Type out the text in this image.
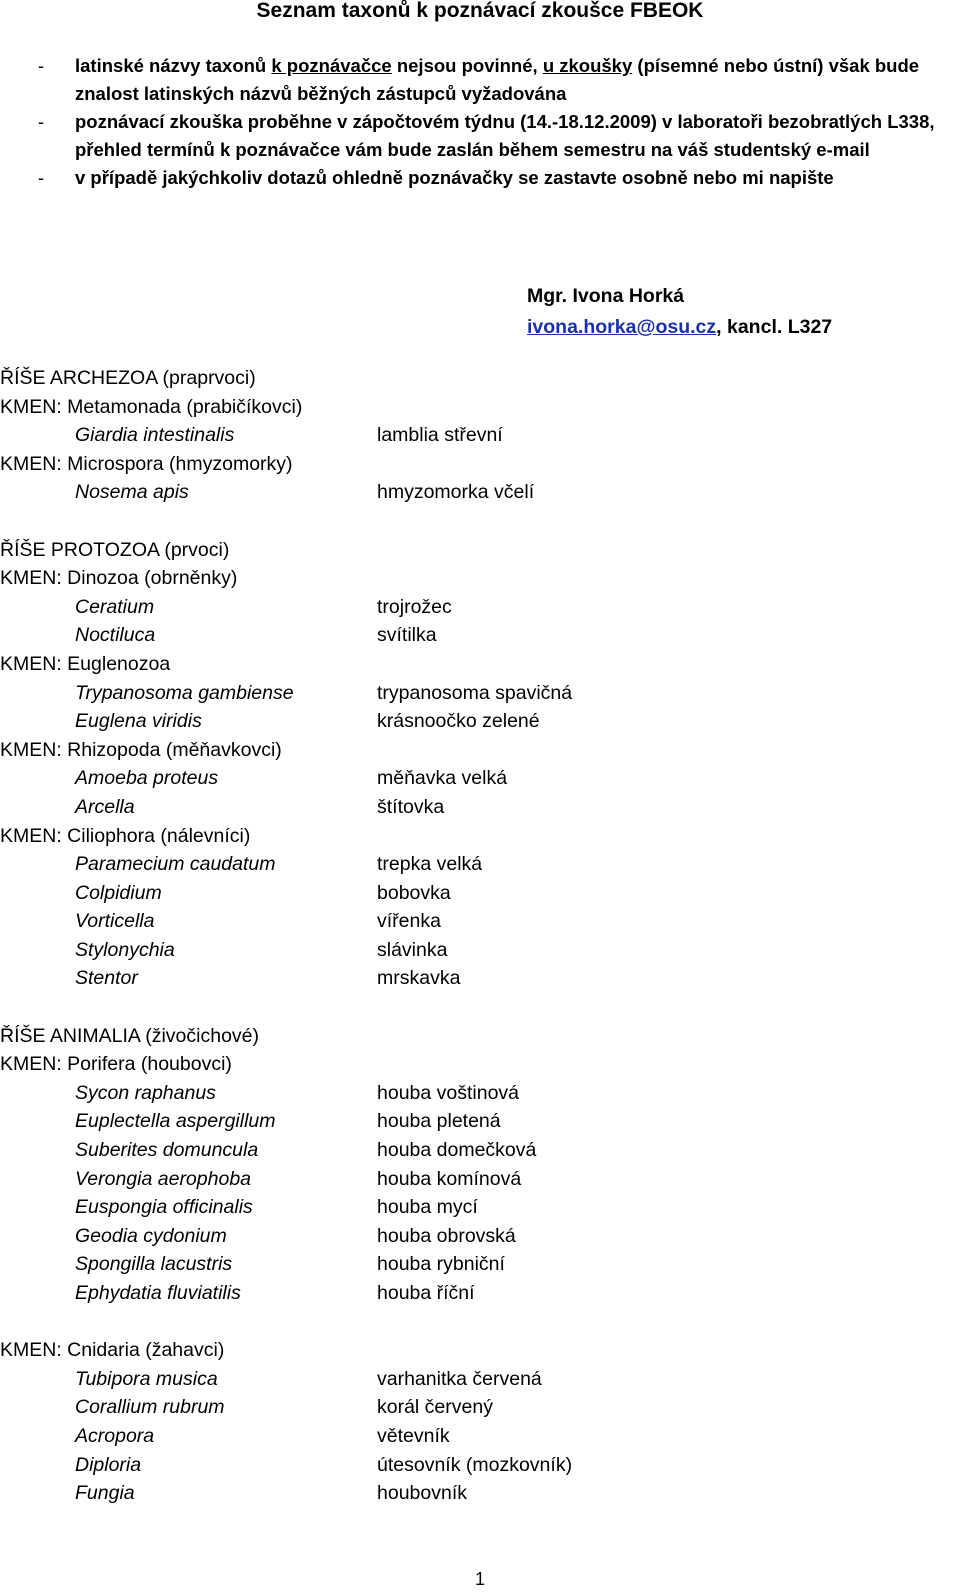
Seznam taxonů k poznávací zkoušce FBEOK
- latinské názvy taxonů k poznávačce nejsou povinné, u zkoušky (písemné nebo ústní) však bude znalost latinských názvů běžných zástupců vyžadována
- poznávací zkouška proběhne v zápočtovém týdnu (14.-18.12.2009) v laboratoři bezobratlých L338, přehled termínů k poznávačce vám bude zaslán během semestru na váš studentský e-mail
- v případě jakýchkoliv dotazů ohledně poznávačky se zastavte osobně nebo mi napište
Mgr. Ivona Horká
ivona.horka@osu.cz, kancl. L327
ŘÍŠE ARCHEZOA (praprvoci)
KMEN: Metamonada (prabičíkovci)
Giardia intestinalis	lamblia střevní
KMEN: Microspora (hmyzomorky)
Nosema apis	hmyzomorka včelí
ŘÍŠE PROTOZOA (prvoci)
KMEN: Dinozoa (obrněnky)
Ceratium	trojrožec
Noctiluca	svítilka
KMEN: Euglenozoa
Trypanosoma gambiense	trypanosoma spavičná
Euglena viridis	krásnoočko zelené
KMEN: Rhizopoda (měňavkovci)
Amoeba proteus	měňavka velká
Arcella	štítovka
KMEN: Ciliophora (nálevníci)
Paramecium caudatum	trepka velká
Colpidium	bobovka
Vorticella	vířenka
Stylonychia	slávinka
Stentor	mrskavka
ŘÍŠE ANIMALIA (živočichové)
KMEN: Porifera (houbovci)
Sycon raphanus	houba voštinová
Euplectella aspergillum	houba pletená
Suberites domuncula	houba domečková
Verongia aerophoba	houba komínová
Euspongia officinalis	houba mycí
Geodia cydonium	houba obrovská
Spongilla lacustris	houba rybniční
Ephydatia fluviatilis	houba říční
KMEN: Cnidaria (žahavci)
Tubipora musica	varhanitka červená
Corallium rubrum	korál červený
Acropora	větevník
Diploria	útesovník (mozkovník)
Fungia	houbovník
1
